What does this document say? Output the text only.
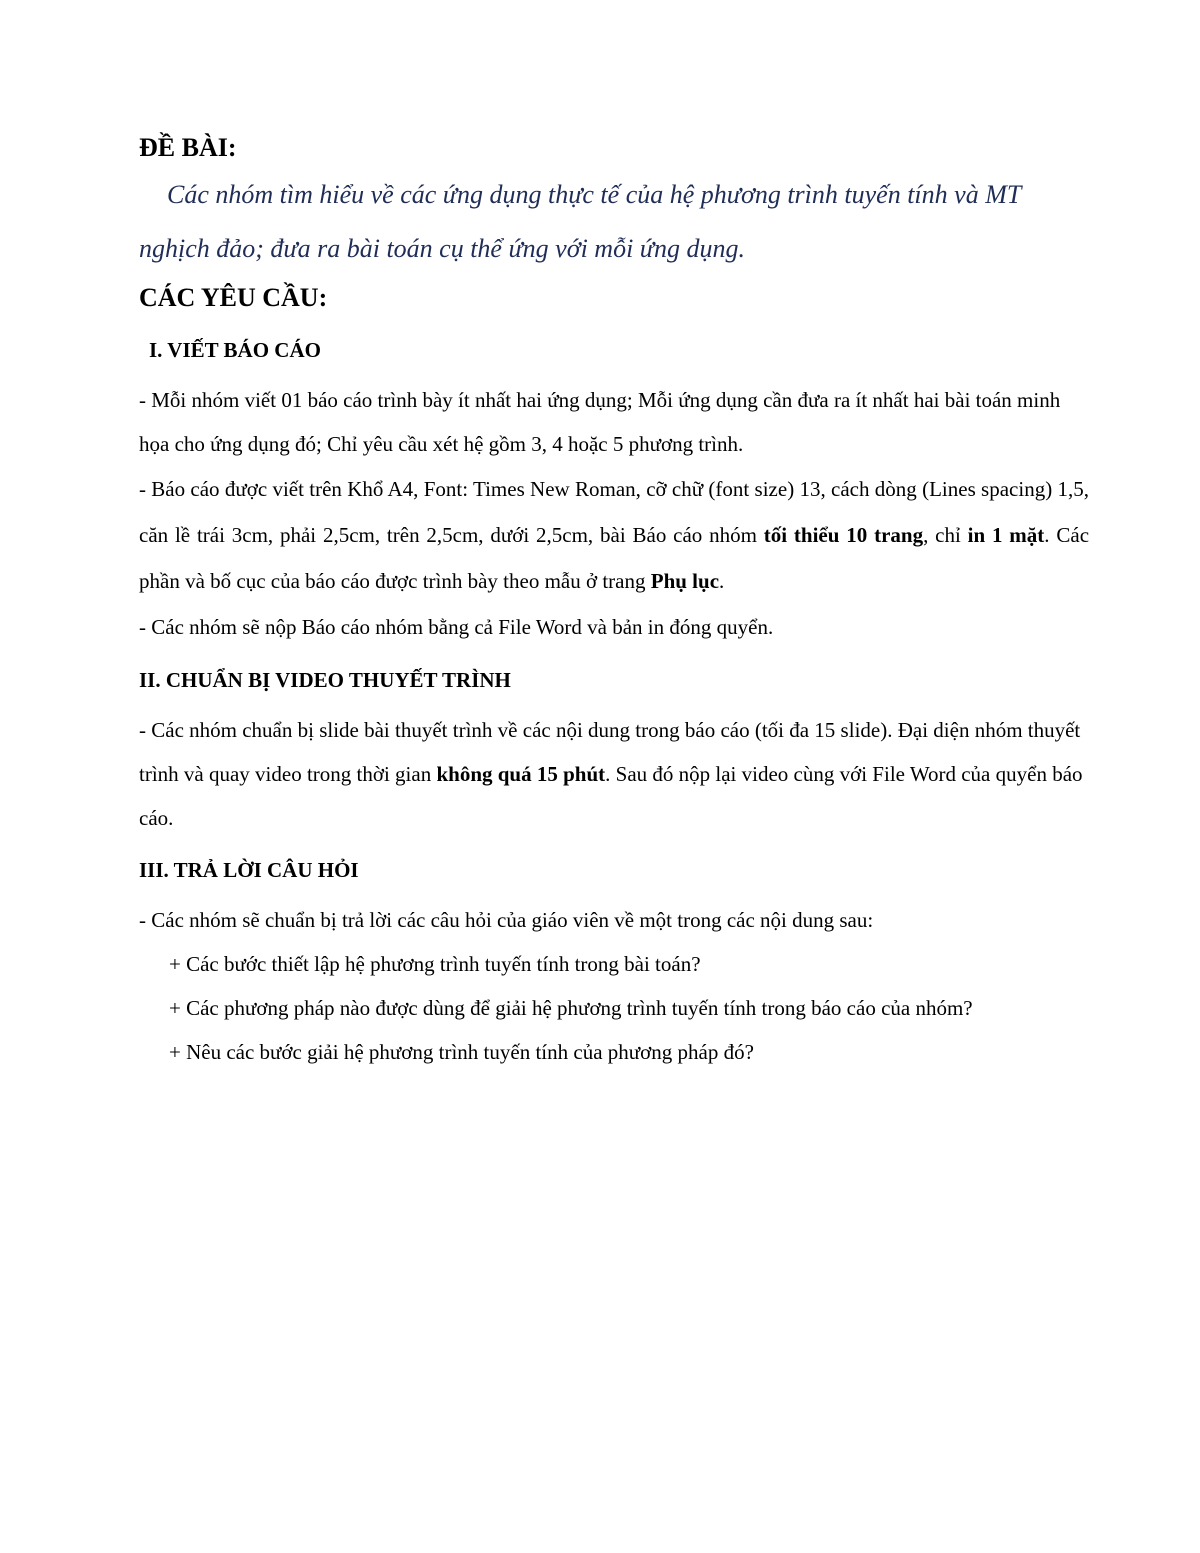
ĐỀ BÀI:

Các nhóm tìm hiểu về các ứng dụng thực tế của hệ phương trình tuyến tính và MT nghịch đảo; đưa ra bài toán cụ thể ứng với mỗi ứng dụng.

CÁC YÊU CẦU:
I. VIẾT BÁO CÁO

- Mỗi nhóm viết 01 báo cáo trình bày ít nhất hai ứng dụng; Mỗi ứng dụng cần đưa ra ít nhất hai bài toán minh họa cho ứng dụng đó; Chỉ yêu cầu xét hệ gồm 3, 4 hoặc 5 phương trình.

- Báo cáo được viết trên Khổ A4, Font: Times New Roman, cỡ chữ (font size) 13, cách dòng (Lines spacing) 1,5, căn lề trái 3cm, phải 2,5cm, trên 2,5cm, dưới 2,5cm, bài Báo cáo nhóm tối thiểu 10 trang, chỉ in 1 mặt. Các phần và bố cục của báo cáo được trình bày theo mẫu ở trang Phụ lục.

- Các nhóm sẽ nộp Báo cáo nhóm bằng cả File Word và bản in đóng quyển.

II. CHUẨN BỊ VIDEO THUYẾT TRÌNH

- Các nhóm chuẩn bị slide bài thuyết trình về các nội dung trong báo cáo (tối đa 15 slide). Đại diện nhóm thuyết trình và quay video trong thời gian không quá 15 phút. Sau đó nộp lại video cùng với File Word của quyển báo cáo.

III. TRẢ LỜI CÂU HỎI

- Các nhóm sẽ chuẩn bị trả lời các câu hỏi của giáo viên về một trong các nội dung sau:

+ Các bước thiết lập hệ phương trình tuyến tính trong bài toán?

+ Các phương pháp nào được dùng để giải hệ phương trình tuyến tính trong báo cáo của nhóm?

+ Nêu các bước giải hệ phương trình tuyến tính của phương pháp đó?
